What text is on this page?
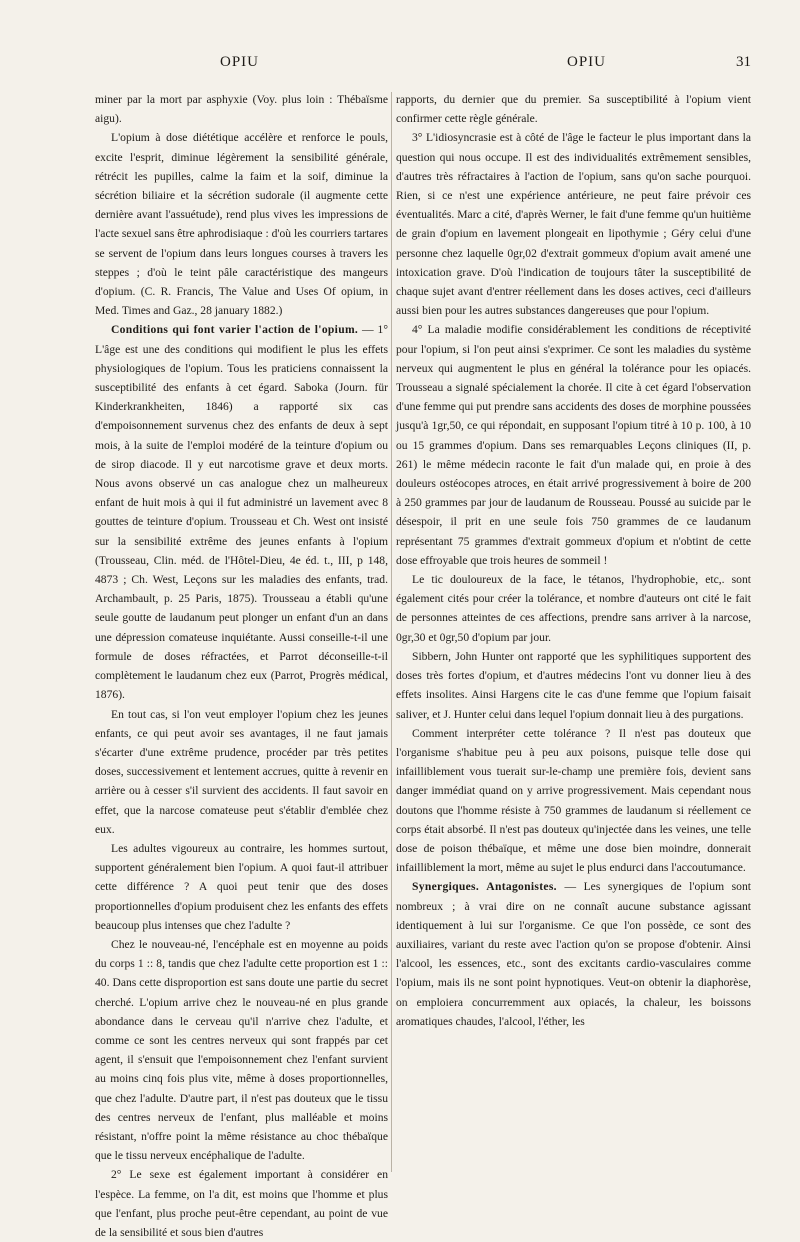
OPIU	OPIU	31

miner par la mort par asphyxie (Voy. plus loin : Thébaïsme aigu).

L'opium à dose diététique accélère et renforce le pouls, excite l'esprit, diminue légèrement la sensibilité générale, rétrécit les pupilles, calme la faim et la soif, diminue la sécrétion biliaire et la sécrétion sudorale (il augmente cette dernière avant l'assuétude), rend plus vives les impressions de l'acte sexuel sans être aphrodisiaque : d'où les courriers tartares se servent de l'opium dans leurs longues courses à travers les steppes ; d'où le teint pâle caractéristique des mangeurs d'opium. (C. R. Francis, The Value and Uses Of opium, in Med. Times and Gaz., 28 january 1882.)

Conditions qui font varier l'action de l'opium. — 1° L'âge est une des conditions qui modifient le plus les effets physiologiques de l'opium. Tous les praticiens connaissent la susceptibilité des enfants à cet égard. Saboka (Journ. für Kinderkrankheiten, 1846) a rapporté six cas d'empoisonnement survenus chez des enfants de deux à sept mois, à la suite de l'emploi modéré de la teinture d'opium ou de sirop diacode. Il y eut narcotisme grave et deux morts. Nous avons observé un cas analogue chez un malheureux enfant de huit mois à qui il fut administré un lavement avec 8 gouttes de teinture d'opium. Trousseau et Ch. West ont insisté sur la sensibilité extrême des jeunes enfants à l'opium (Trousseau, Clin. méd. de l'Hôtel-Dieu, 4e éd. t., III, p 148, 4873 ; Ch. West, Leçons sur les maladies des enfants, trad. Archambault, p. 25 Paris, 1875). Trousseau a établi qu'une seule goutte de laudanum peut plonger un enfant d'un an dans une dépression comateuse inquiétante. Aussi conseille-t-il une formule de doses réfractées, et Parrot déconseille-t-il complètement le laudanum chez eux (Parrot, Progrès médical, 1876).

En tout cas, si l'on veut employer l'opium chez les jeunes enfants, ce qui peut avoir ses avantages, il ne faut jamais s'écarter d'une extrême prudence, procéder par très petites doses, successivement et lentement accrues, quitte à revenir en arrière ou à cesser s'il survient des accidents. Il faut savoir en effet, que la narcose comateuse peut s'établir d'emblée chez eux.

Les adultes vigoureux au contraire, les hommes surtout, supportent généralement bien l'opium. A quoi faut-il attribuer cette différence ? A quoi peut tenir que des doses proportionnelles d'opium produisent chez les enfants des effets beaucoup plus intenses que chez l'adulte ?

Chez le nouveau-né, l'encéphale est en moyenne au poids du corps 1 :: 8, tandis que chez l'adulte cette proportion est 1 :: 40. Dans cette disproportion est sans doute une partie du secret cherché. L'opium arrive chez le nouveau-né en plus grande abondance dans le cerveau qu'il n'arrive chez l'adulte, et comme ce sont les centres nerveux qui sont frappés par cet agent, il s'ensuit que l'empoisonnement chez l'enfant survient au moins cinq fois plus vite, même à doses proportionnelles, que chez l'adulte. D'autre part, il n'est pas douteux que le tissu des centres nerveux de l'enfant, plus malléable et moins résistant, n'offre point la même résistance au choc thébaïque que le tissu nerveux encéphalique de l'adulte.

2° Le sexe est également important à considérer en l'espèce. La femme, on l'a dit, est moins que l'homme et plus que l'enfant, plus proche peut-être cependant, au point de vue de la sensibilité et sous bien d'autres

rapports, du dernier que du premier. Sa susceptibilité à l'opium vient confirmer cette règle générale.

3° L'idiosyncrasie est à côté de l'âge le facteur le plus important dans la question qui nous occupe. Il est des individualités extrêmement sensibles, d'autres très réfractaires à l'action de l'opium, sans qu'on sache pourquoi. Rien, si ce n'est une expérience antérieure, ne peut faire prévoir ces éventualités. Marc a cité, d'après Werner, le fait d'une femme qu'un huitième de grain d'opium en lavement plongeait en lipothymie ; Géry celui d'une personne chez laquelle 0gr,02 d'extrait gommeux d'opium avait amené une intoxication grave. D'où l'indication de toujours tâter la susceptibilité de chaque sujet avant d'entrer réellement dans les doses actives, ceci d'ailleurs aussi bien pour les autres substances dangereuses que pour l'opium.

4° La maladie modifie considérablement les conditions de réceptivité pour l'opium, si l'on peut ainsi s'exprimer. Ce sont les maladies du système nerveux qui augmentent le plus en général la tolérance pour les opiacés. Trousseau a signalé spécialement la chorée. Il cite à cet égard l'observation d'une femme qui put prendre sans accidents des doses de morphine poussées jusqu'à 1gr,50, ce qui répondait, en supposant l'opium titré à 10 p. 100, à 10 ou 15 grammes d'opium. Dans ses remarquables Leçons cliniques (II, p. 261) le même médecin raconte le fait d'un malade qui, en proie à des douleurs ostéocopes atroces, en était arrivé progressivement à boire de 200 à 250 grammes par jour de laudanum de Rousseau. Poussé au suicide par le désespoir, il prit en une seule fois 750 grammes de ce laudanum représentant 75 grammes d'extrait gommeux d'opium et n'obtint de cette dose effroyable que trois heures de sommeil !

Le tic douloureux de la face, le tétanos, l'hydrophobie, etc,. sont également cités pour créer la tolérance, et nombre d'auteurs ont cité le fait de personnes atteintes de ces affections, prendre sans arriver à la narcose, 0gr,30 et 0gr,50 d'opium par jour.

Sibbern, John Hunter ont rapporté que les syphilitiques supportent des doses très fortes d'opium, et d'autres médecins l'ont vu donner lieu à des effets insolites. Ainsi Hargens cite le cas d'une femme que l'opium faisait saliver, et J. Hunter celui dans lequel l'opium donnait lieu à des purgations.

Comment interpréter cette tolérance ? Il n'est pas douteux que l'organisme s'habitue peu à peu aux poisons, puisque telle dose qui infailliblement vous tuerait sur-le-champ une première fois, devient sans danger immédiat quand on y arrive progressivement. Mais cependant nous doutons que l'homme résiste à 750 grammes de laudanum si réellement ce corps était absorbé. Il n'est pas douteux qu'injectée dans les veines, une telle dose de poison thébaïque, et même une dose bien moindre, donnerait infailliblement la mort, même au sujet le plus endurci dans l'accoutumance.

Synergiques. Antagonistes. — Les synergiques de l'opium sont nombreux ; à vrai dire on ne connaît aucune substance agissant identiquement à lui sur l'organisme. Ce que l'on possède, ce sont des auxiliaires, variant du reste avec l'action qu'on se propose d'obtenir. Ainsi l'alcool, les essences, etc., sont des excitants cardio-vasculaires comme l'opium, mais ils ne sont point hypnotiques. Veut-on obtenir la diaphorèse, on emploiera concurremment aux opiacés, la chaleur, les boissons aromatiques chaudes, l'alcool, l'éther, les
